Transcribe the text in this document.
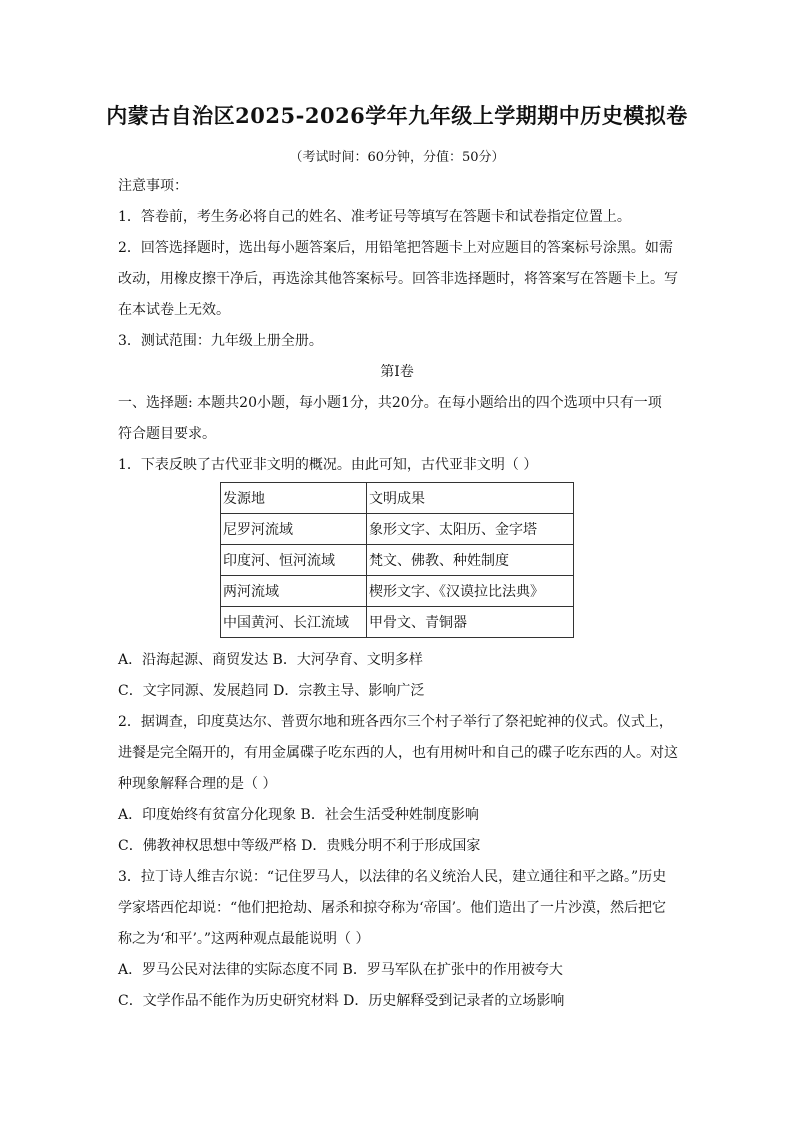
内蒙古自治区2025-2026学年九年级上学期期中历史模拟卷
（考试时间：60分钟，分值：50分）
注意事项：
1．答卷前，考生务必将自己的姓名、准考证号等填写在答题卡和试卷指定位置上。
2．回答选择题时，选出每小题答案后，用铅笔把答题卡上对应题目的答案标号涂黑。如需
改动，用橡皮擦干净后，再选涂其他答案标号。回答非选择题时，将答案写在答题卡上。写
在本试卷上无效。
3．测试范围：九年级上册全册。
第I卷
一、选择题: 本题共20小题，每小题1分，共20分。在每小题给出的四个选项中只有一项
符合题目要求。
1．下表反映了古代亚非文明的概况。由此可知，古代亚非文明（ ）
发源地	文明成果
尼罗河流域	象形文字、太阳历、金字塔
印度河、恒河流域	梵文、佛教、种姓制度
两河流域	楔形文字、《汉谟拉比法典》
中国黄河、长江流域	甲骨文、青铜器
A．沿海起源、商贸发达 B．大河孕育、文明多样
C．文字同源、发展趋同 D．宗教主导、影响广泛
2．据调查，印度莫达尔、普贾尔地和班各西尔三个村子举行了祭祀蛇神的仪式。仪式上，
进餐是完全隔开的，有用金属碟子吃东西的人，也有用树叶和自己的碟子吃东西的人。对这
种现象解释合理的是（ ）
A．印度始终有贫富分化现象 B．社会生活受种姓制度影响
C．佛教神权思想中等级严格 D．贵贱分明不利于形成国家
3．拉丁诗人维吉尔说：“记住罗马人，以法律的名义统治人民，建立通往和平之路。”历史
学家塔西佗却说：“他们把抢劫、屠杀和掠夺称为‘帝国’。他们造出了一片沙漠，然后把它
称之为‘和平’。”这两种观点最能说明（ ）
A．罗马公民对法律的实际态度不同 B．罗马军队在扩张中的作用被夸大
C．文学作品不能作为历史研究材料 D．历史解释受到记录者的立场影响
